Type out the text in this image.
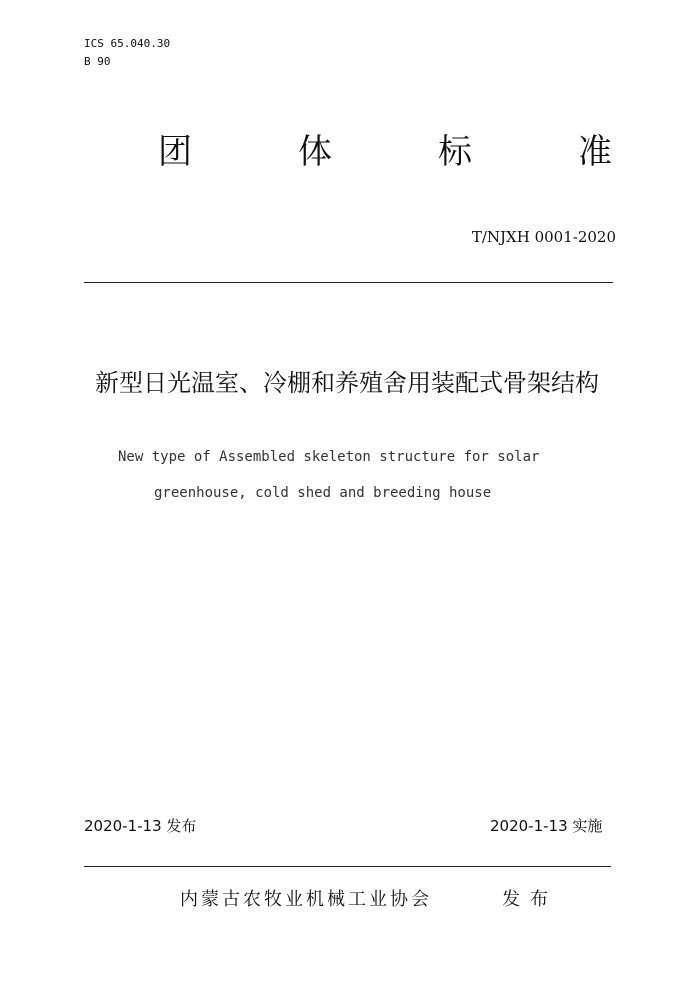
ICS 65.040.30
B 90
团	体	标	准
T/NJXH 0001-2020
新型日光温室、冷棚和养殖舍用装配式骨架结构
New type of Assembled skeleton structure for solar
greenhouse, cold shed and breeding house
2020-1-13 发布	2020-1-13 实施
内蒙古农牧业机械工业协会	发布
